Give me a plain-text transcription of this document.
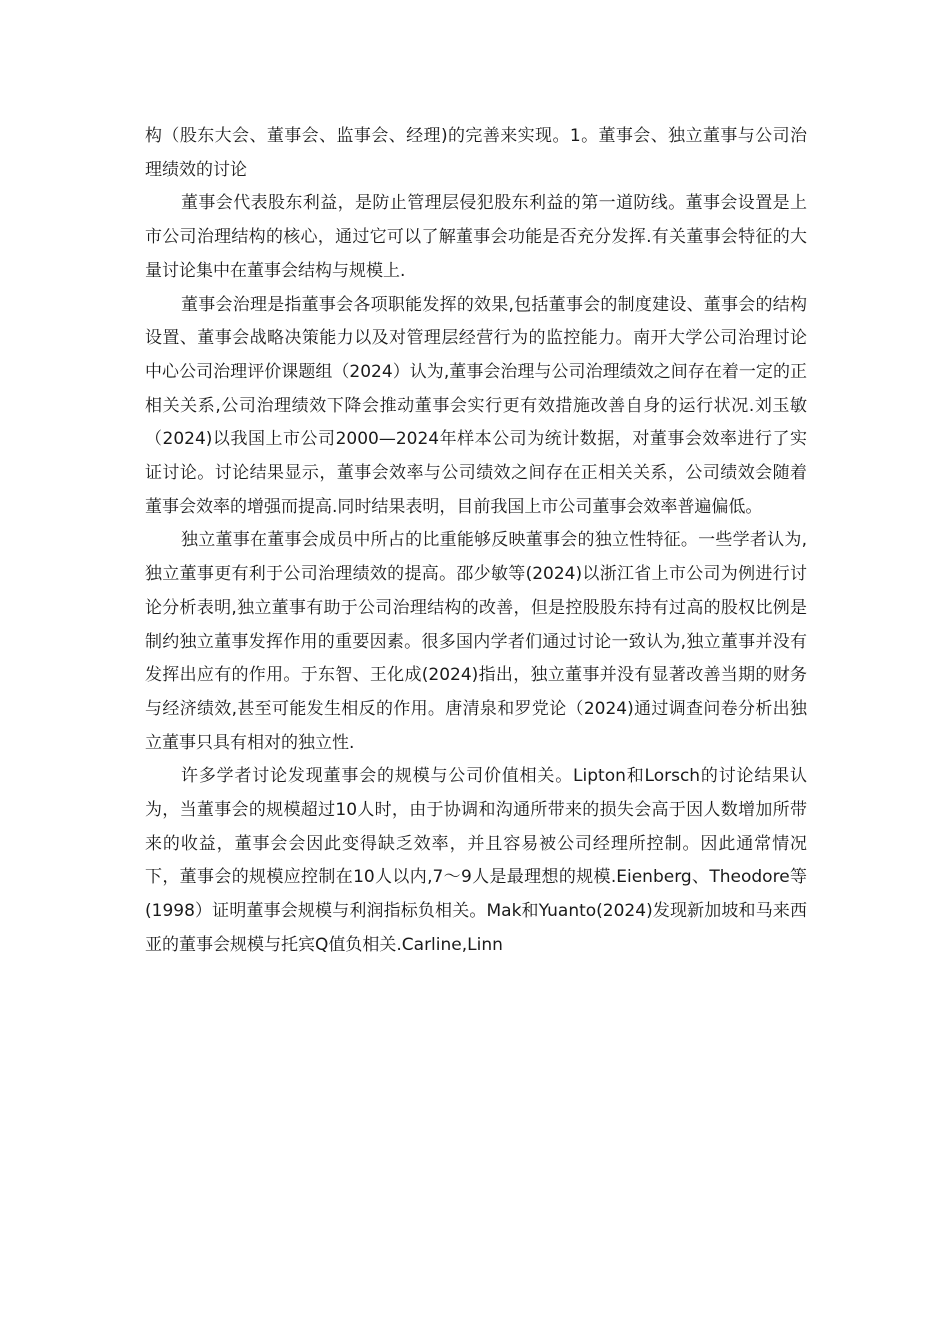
构（股东大会、董事会、监事会、经理)的完善来实现。1。董事会、独立董事与公司治理绩效的讨论

董事会代表股东利益，是防止管理层侵犯股东利益的第一道防线。董事会设置是上市公司治理结构的核心，通过它可以了解董事会功能是否充分发挥.有关董事会特征的大量讨论集中在董事会结构与规模上.

董事会治理是指董事会各项职能发挥的效果,包括董事会的制度建设、董事会的结构设置、董事会战略决策能力以及对管理层经营行为的监控能力。南开大学公司治理讨论中心公司治理评价课题组（2024）认为,董事会治理与公司治理绩效之间存在着一定的正相关关系,公司治理绩效下降会推动董事会实行更有效措施改善自身的运行状况.刘玉敏（2024)以我国上市公司2000—2024年样本公司为统计数据，对董事会效率进行了实证讨论。讨论结果显示，董事会效率与公司绩效之间存在正相关关系，公司绩效会随着董事会效率的增强而提高.同时结果表明，目前我国上市公司董事会效率普遍偏低。

独立董事在董事会成员中所占的比重能够反映董事会的独立性特征。一些学者认为,独立董事更有利于公司治理绩效的提高。邵少敏等(2024)以浙江省上市公司为例进行讨论分析表明,独立董事有助于公司治理结构的改善，但是控股股东持有过高的股权比例是制约独立董事发挥作用的重要因素。很多国内学者们通过讨论一致认为,独立董事并没有发挥出应有的作用。于东智、王化成(2024)指出，独立董事并没有显著改善当期的财务与经济绩效,甚至可能发生相反的作用。唐清泉和罗党论（2024)通过调查问卷分析出独立董事只具有相对的独立性.

许多学者讨论发现董事会的规模与公司价值相关。Lipton和Lorsch的讨论结果认为，当董事会的规模超过10人时，由于协调和沟通所带来的损失会高于因人数增加所带来的收益，董事会会因此变得缺乏效率，并且容易被公司经理所控制。因此通常情况下，董事会的规模应控制在10人以内,7～9人是最理想的规模.Eienberg、Theodore等(1998）证明董事会规模与利润指标负相关。Mak和Yuanto(2024)发现新加坡和马来西亚的董事会规模与托宾Q值负相关.Carline,Linn
